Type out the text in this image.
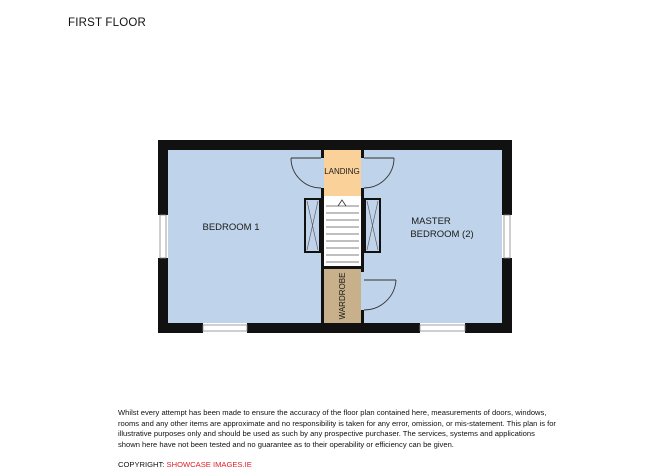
FIRST FLOOR
BEDROOM 1
MASTER
BEDROOM (2)
LANDING
WARDROBE
Whilst every attempt has been made to ensure the accuracy of the floor plan contained here, measurements of doors, windows, rooms and any other items are approximate and no responsibility is taken for any error, omission, or mis-statement. This plan is for illustrative purposes only and should be used as such by any prospective purchaser. The services, systems and applications shown here have not been tested and no guarantee as to their operability or efficiency can be given.
COPYRIGHT: SHOWCASE IMAGES.IE
